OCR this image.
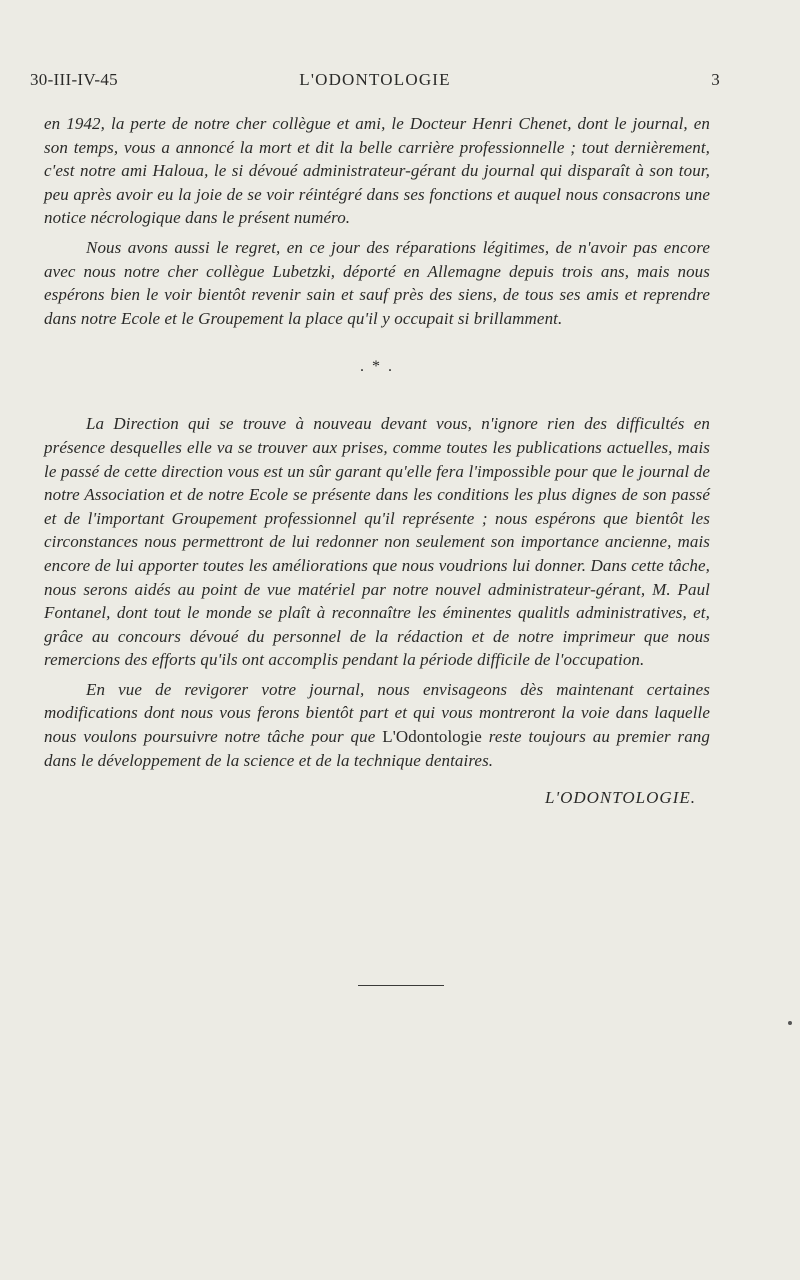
30-III-IV-45	L'ODONTOLOGIE	3

en 1942, la perte de notre cher collègue et ami, le Docteur Henri Chenet, dont le journal, en son temps, vous a annoncé la mort et dit la belle carrière professionnelle ; tout dernièrement, c'est notre ami Haloua, le si dévoué administrateur-gérant du journal qui disparaît à son tour, peu après avoir eu la joie de se voir réintégré dans ses fonctions et auquel nous consacrons une notice nécrologique dans le présent numéro.

Nous avons aussi le regret, en ce jour des réparations légitimes, de n'avoir pas encore avec nous notre cher collègue Lubetzki, déporté en Allemagne depuis trois ans, mais nous espérons bien le voir bientôt revenir sain et sauf près des siens, de tous ses amis et reprendre dans notre Ecole et le Groupement la place qu'il y occupait si brillamment.

. * .

La Direction qui se trouve à nouveau devant vous, n'ignore rien des difficultés en présence desquelles elle va se trouver aux prises, comme toutes les publications actuelles, mais le passé de cette direction vous est un sûr garant qu'elle fera l'impossible pour que le journal de notre Association et de notre Ecole se présente dans les conditions les plus dignes de son passé et de l'important Groupement professionnel qu'il représente ; nous espérons que bientôt les circonstances nous permettront de lui redonner non seulement son importance ancienne, mais encore de lui apporter toutes les améliorations que nous voudrions lui donner. Dans cette tâche, nous serons aidés au point de vue matériel par notre nouvel administrateur-gérant, M. Paul Fontanel, dont tout le monde se plaît à reconnaître les éminentes qualitls administratives, et, grâce au concours dévoué du personnel de la rédaction et de notre imprimeur que nous remercions des efforts qu'ils ont accomplis pendant la période difficile de l'occupation.

En vue de revigorer votre journal, nous envisageons dès maintenant certaines modifications dont nous vous ferons bientôt part et qui vous montreront la voie dans laquelle nous voulons poursuivre notre tâche pour que L'Odontologie reste toujours au premier rang dans le développement de la science et de la technique dentaires.

L'ODONTOLOGIE.
